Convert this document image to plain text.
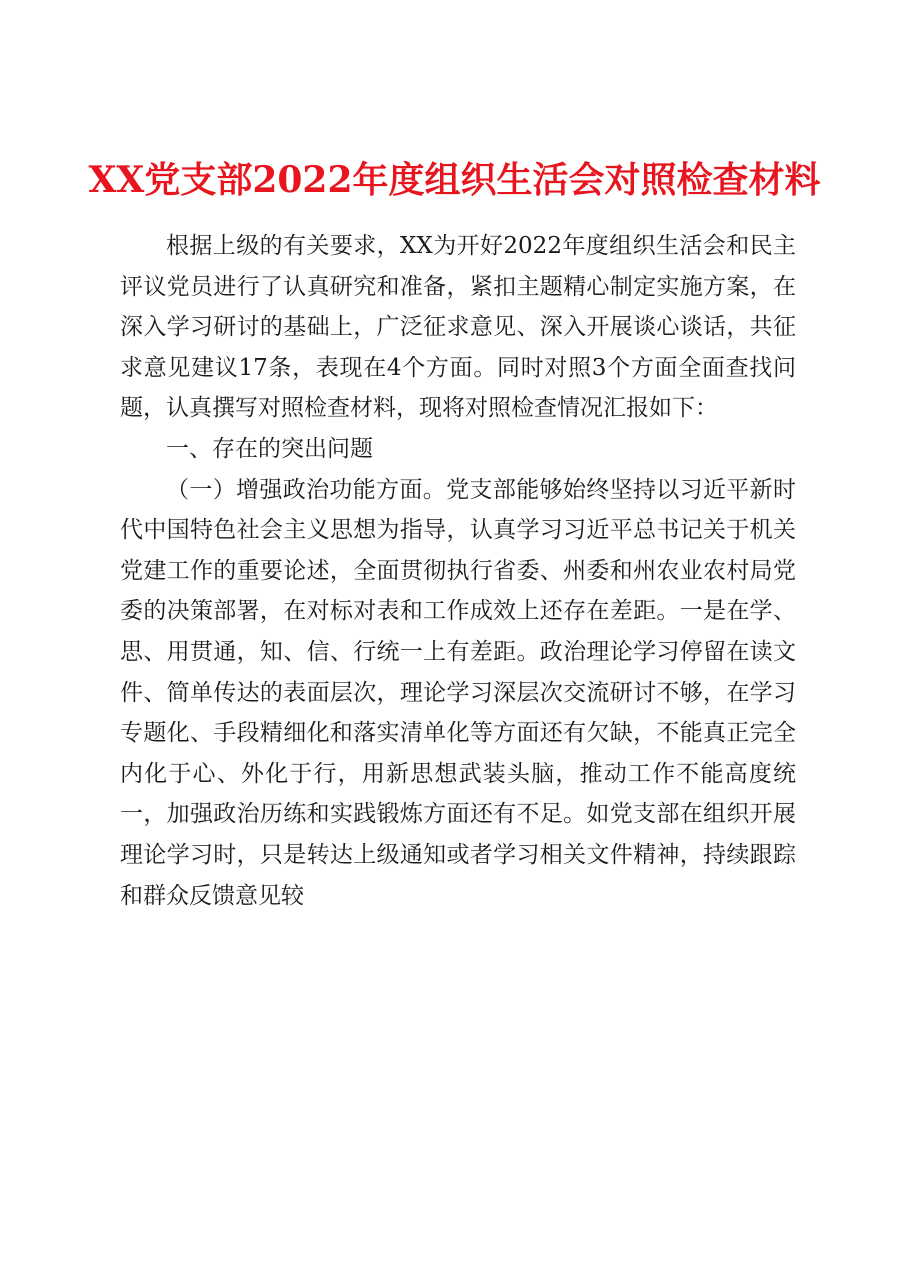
XX党支部2022年度组织生活会对照检查材料

根据上级的有关要求，XX为开好2022年度组织生活会和民主评议党员进行了认真研究和准备，紧扣主题精心制定实施方案，在深入学习研讨的基础上，广泛征求意见、深入开展谈心谈话，共征求意见建议17条，表现在4个方面。同时对照3个方面全面查找问题，认真撰写对照检查材料，现将对照检查情况汇报如下：

一、存在的突出问题

（一）增强政治功能方面。党支部能够始终坚持以习近平新时代中国特色社会主义思想为指导，认真学习习近平总书记关于机关党建工作的重要论述，全面贯彻执行省委、州委和州农业农村局党委的决策部署，在对标对表和工作成效上还存在差距。一是在学、思、用贯通，知、信、行统一上有差距。政治理论学习停留在读文件、简单传达的表面层次，理论学习深层次交流研讨不够，在学习专题化、手段精细化和落实清单化等方面还有欠缺，不能真正完全内化于心、外化于行，用新思想武装头脑，推动工作不能高度统一，加强政治历练和实践锻炼方面还有不足。如党支部在组织开展理论学习时，只是转达上级通知或者学习相关文件精神，持续跟踪和群众反馈意见较
